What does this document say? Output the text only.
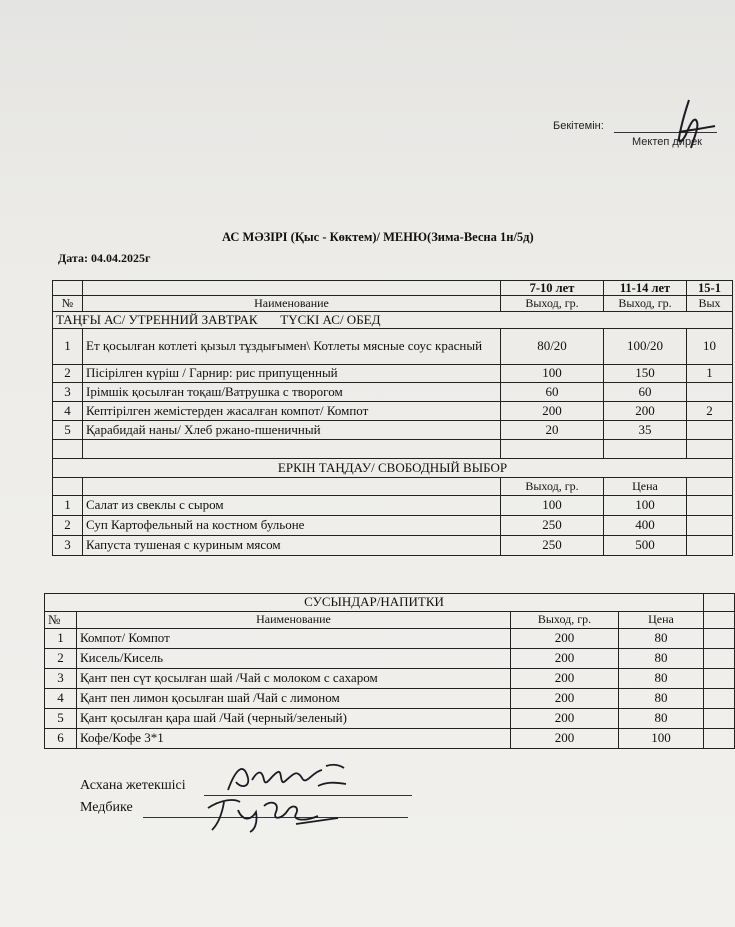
Бекітемін:
Мектеп дирек
АС МӘЗІРІ (Қыс - Көктем)/ МЕНЮ(Зима-Весна 1н/5д)
Дата: 04.04.2025г
		7-10 лет	11-14 лет	15-1
№	Наименование	Выход, гр.	Выход, гр.	Вых
ТАҢҒЫ АС/ УТРЕННИЙ ЗАВТРАК       ТҮСКІ АС/ ОБЕД				
1	Ет қосылған котлеті қызыл тұздығымен\ Котлеты мясные соус красный	80/20	100/20	10
2	Пісірілген күріш / Гарнир: рис припущенный	100	150	1
3	Ірімшік қосылған тоқаш/Ватрушка с творогом	60	60	
4	Кептірілген жемістерден жасалған компот/ Компот	200	200	2
5	Қарабидай наны/ Хлеб ржано-пшеничный	20	35	

ЕРКІН ТАҢДАУ/ СВОБОДНЫЙ ВЫБОР				
		Выход, гр.	Цена	
1	Салат из свеклы с сыром	100	100	
2	Суп Картофельный на костном бульоне	250	400	
3	Капуста тушеная с куриным мясом	250	500	
СУСЫНДАР/НАПИТКИ				
№	Наименование	Выход, гр.	Цена	
1	Компот/ Компот	200	80	
2	Кисель/Кисель	200	80	
3	Қант пен сүт қосылған шай /Чай с молоком с сахаром	200	80	
4	Қант пен лимон қосылған шай /Чай с лимоном	200	80	
5	Қант қосылған қара шай /Чай (черный/зеленый)	200	80	
6	Кофе/Кофе 3*1	200	100	
Асхана жетекшісі
Медбике
